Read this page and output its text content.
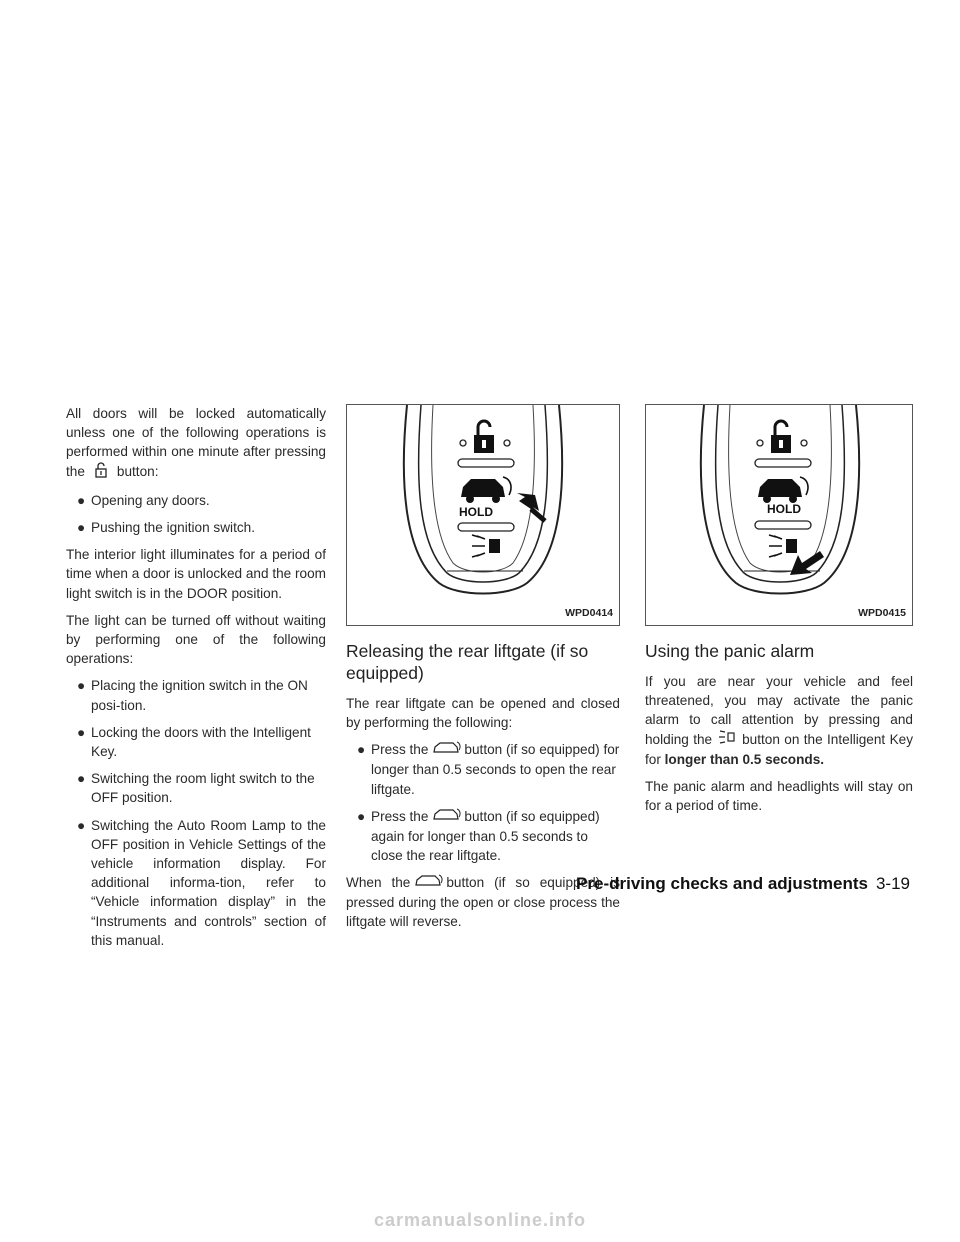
All doors will be locked automatically unless one of the following operations is performed within one minute after pressing the button:

● Opening any doors.
● Pushing the ignition switch.

The interior light illuminates for a period of time when a door is unlocked and the room light switch is in the DOOR position.

The light can be turned off without waiting by performing one of the following operations:

● Placing the ignition switch in the ON posi-tion.
● Locking the doors with the Intelligent Key.
● Switching the room light switch to the OFF position.
● Switching the Auto Room Lamp to the OFF position in Vehicle Settings of the vehicle information display. For additional informa-tion, refer to “Vehicle information display” in the “Instruments and controls” section of this manual.
HOLD
WPD0414
Releasing the rear liftgate (if so equipped)

The rear liftgate can be opened and closed by performing the following:

● Press the	button (if so equipped) for longer than 0.5 seconds to open the rear liftgate.
● Press the	button (if so equipped) again for longer than 0.5 seconds to close the rear liftgate.

When the	button (if so equipped) is pressed during the open or close process the liftgate will reverse.

HOLD
WPD0415
Using the panic alarm

If you are near your vehicle and feel threatened, you may activate the panic alarm to call attention by pressing and holding the button on the Intelligent Key for longer than 0.5 seconds.

The panic alarm and headlights will stay on for a period of time.

Pre-driving checks and adjustments 3-19
carmanualsonline.info
